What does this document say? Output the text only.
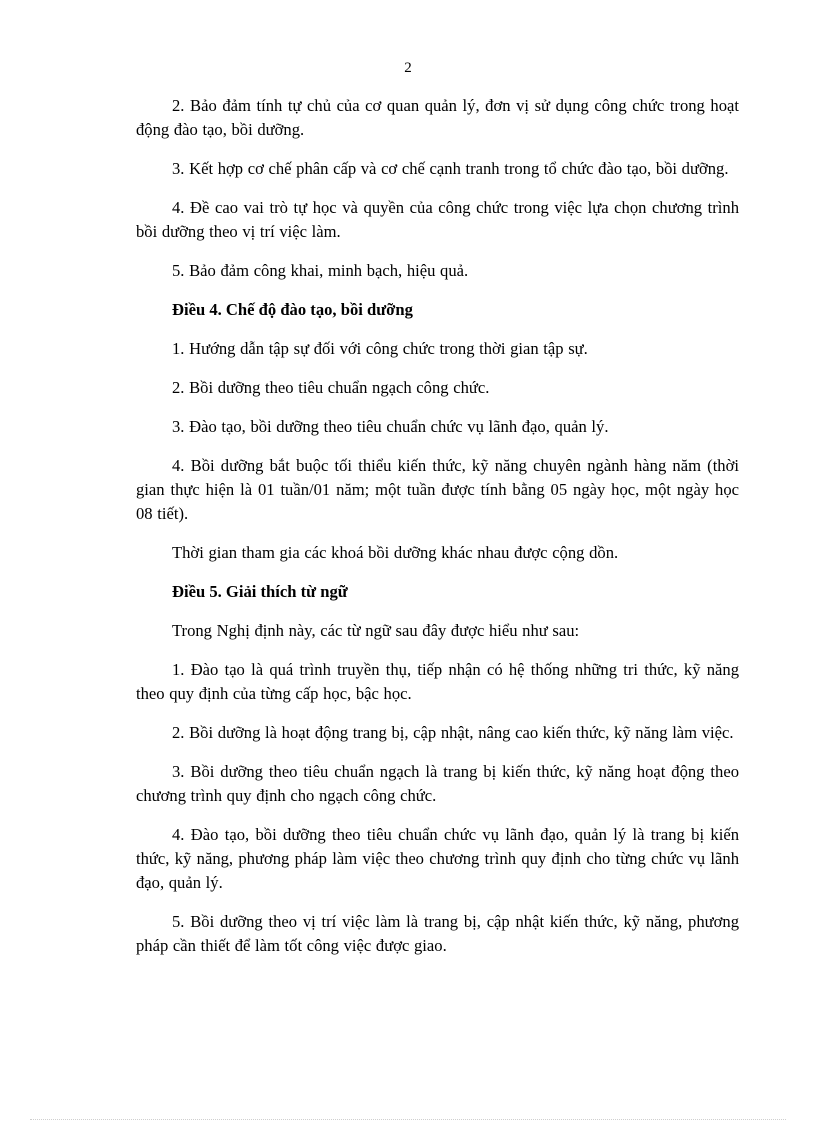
2

2. Bảo đảm tính tự chủ của cơ quan quản lý, đơn vị sử dụng công chức trong hoạt động đào tạo, bồi dưỡng.

3. Kết hợp cơ chế phân cấp và cơ chế cạnh tranh trong tổ chức đào tạo, bồi dưỡng.

4. Đề cao vai trò tự học và quyền của công chức trong việc lựa chọn chương trình bồi dưỡng theo vị trí việc làm.

5. Bảo đảm công khai, minh bạch, hiệu quả.

Điều 4. Chế độ đào tạo, bồi dưỡng

1. Hướng dẫn tập sự đối với công chức trong thời gian tập sự.

2. Bồi dưỡng theo tiêu chuẩn ngạch công chức.

3. Đào tạo, bồi dưỡng theo tiêu chuẩn chức vụ lãnh đạo, quản lý.

4. Bồi dưỡng bắt buộc tối thiểu kiến thức, kỹ năng chuyên ngành hàng năm (thời gian thực hiện là 01 tuần/01 năm; một tuần được tính bằng 05 ngày học, một ngày học 08 tiết).

Thời gian tham gia các khoá bồi dưỡng khác nhau được cộng dồn.

Điều 5. Giải thích từ ngữ

Trong Nghị định này, các từ ngữ sau đây được hiểu như sau:

1. Đào tạo là quá trình truyền thụ, tiếp nhận có hệ thống những tri thức, kỹ năng theo quy định của từng cấp học, bậc học.

2. Bồi dưỡng là hoạt động trang bị, cập nhật, nâng cao kiến thức, kỹ năng làm việc.

3. Bồi dưỡng theo tiêu chuẩn ngạch là trang bị kiến thức, kỹ năng hoạt động theo chương trình quy định cho ngạch công chức.

4. Đào tạo, bồi dưỡng theo tiêu chuẩn chức vụ lãnh đạo, quản lý là trang bị kiến thức, kỹ năng, phương pháp làm việc theo chương trình quy định cho từng chức vụ lãnh đạo, quản lý.

5. Bồi dưỡng theo vị trí việc làm là trang bị, cập nhật kiến thức, kỹ năng, phương pháp cần thiết để làm tốt công việc được giao.
